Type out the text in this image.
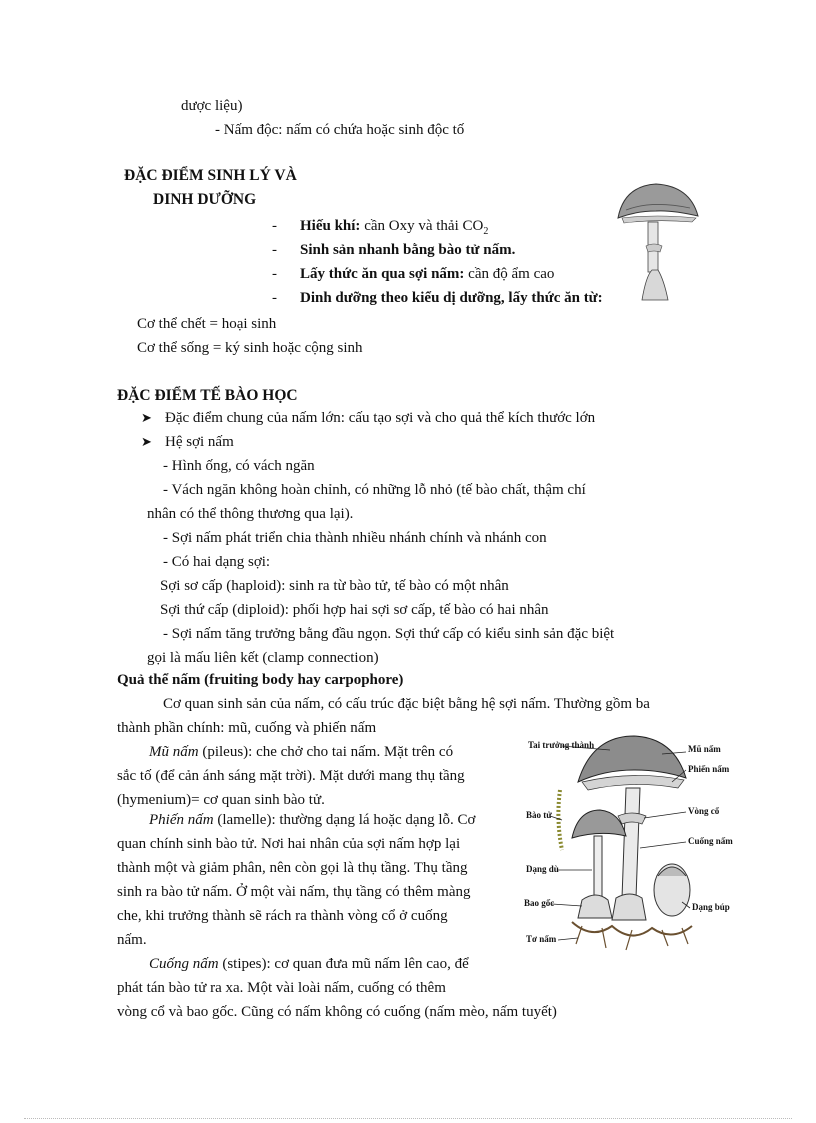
dược liệu)
- Nấm độc: nấm có chứa hoặc sinh độc tố
ĐẶC ĐIỂM SINH LÝ VÀ
DINH DƯỠNG
- Hiếu khí: cần Oxy và thải $CO_2$
- Sinh sản nhanh bằng bào tử nấm.
- Lấy thức ăn qua sợi nấm: cần độ ẩm cao
- Dinh dưỡng theo kiểu dị dưỡng, lấy thức ăn từ:
Cơ thể chết = hoại sinh
Cơ thể sống = ký sinh hoặc cộng sinh
ĐẶC ĐIỂM TẾ BÀO HỌC
➤ Đặc điểm chung của nấm lớn: cấu tạo sợi và cho quả thể kích thước lớn
➤ Hệ sợi nấm
- Hình ống, có vách ngăn
- Vách ngăn không hoàn chỉnh, có những lỗ nhỏ (tế bào chất, thậm chí
nhân có thể thông thương qua lại).
- Sợi nấm phát triển chia thành nhiều nhánh chính và nhánh con
- Có hai dạng sợi:
Sợi sơ cấp (haploid): sinh ra từ bào tử, tế bào có một nhân
Sợi thứ cấp (diploid): phối hợp hai sợi sơ cấp, tế bào có hai nhân
- Sợi nấm tăng trưởng bằng đầu ngọn. Sợi thứ cấp có kiểu sinh sản đặc biệt
gọi là mấu liên kết (clamp connection)
Quả thể nấm (fruiting body hay carpophore)
Cơ quan sinh sản của nấm, có cấu trúc đặc biệt bằng hệ sợi nấm. Thường gồm ba
thành phần chính: mũ, cuống và phiến nấm
Mũ nấm (pileus): che chở cho tai nấm. Mặt trên có
sắc tố (để cản ánh sáng mặt trời). Mặt dưới mang thụ tầng
(hymenium)= cơ quan sinh bào tử.
Phiến nấm (lamelle): thường dạng lá hoặc dạng lỗ. Cơ
quan chính sinh bào tử. Nơi hai nhân của sợi nấm hợp lại
thành một và giảm phân, nên còn gọi là thụ tầng. Thụ tầng
sinh ra bào tử nấm. Ở một vài nấm, thụ tầng có thêm màng
che, khi trưởng thành sẽ rách ra thành vòng cổ ở cuống
nấm.
Cuống nấm (stipes): cơ quan đưa mũ nấm lên cao, để
phát tán bào tử ra xa. Một vài loài nấm, cuống có thêm
vòng cổ và bao gốc. Cũng có nấm không có cuống (nấm mèo, nấm tuyết)
Tai trưởng thành	Mũ nấm
Phiến nấm
Vòng cổ
Bào tử
Cuống nấm
Dạng dù
Bao gốc	Dạng búp
Tơ nấm
